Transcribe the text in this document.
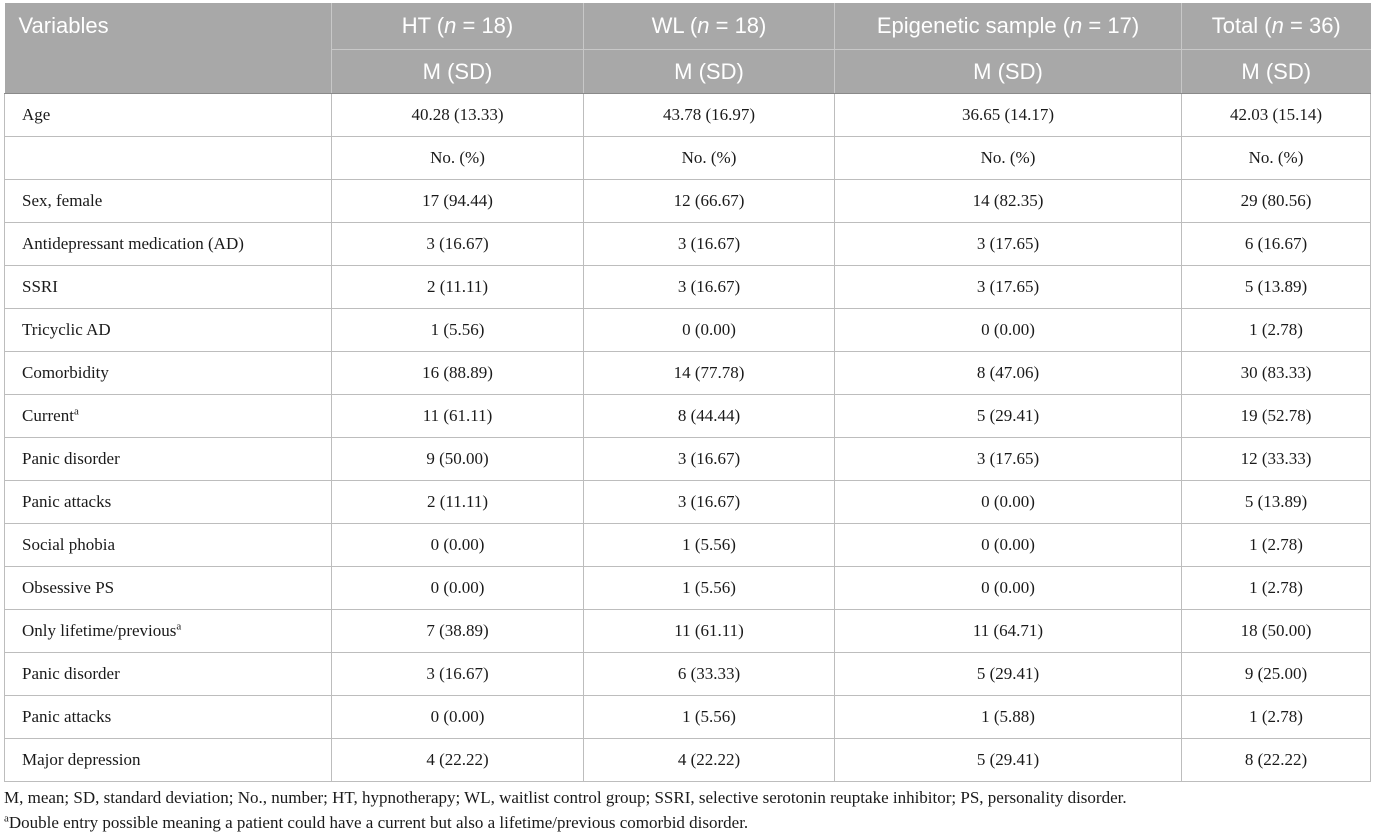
Variables	HT (n = 18)	WL (n = 18)	Epigenetic sample (n = 17)	Total (n = 36)
	M (SD)	M (SD)	M (SD)	M (SD)
Age	40.28 (13.33)	43.78 (16.97)	36.65 (14.17)	42.03 (15.14)
	No. (%)	No. (%)	No. (%)	No. (%)
Sex, female	17 (94.44)	12 (66.67)	14 (82.35)	29 (80.56)
Antidepressant medication (AD)	3 (16.67)	3 (16.67)	3 (17.65)	6 (16.67)
SSRI	2 (11.11)	3 (16.67)	3 (17.65)	5 (13.89)
Tricyclic AD	1 (5.56)	0 (0.00)	0 (0.00)	1 (2.78)
Comorbidity	16 (88.89)	14 (77.78)	8 (47.06)	30 (83.33)
Current$^a$	11 (61.11)	8 (44.44)	5 (29.41)	19 (52.78)
Panic disorder	9 (50.00)	3 (16.67)	3 (17.65)	12 (33.33)
Panic attacks	2 (11.11)	3 (16.67)	0 (0.00)	5 (13.89)
Social phobia	0 (0.00)	1 (5.56)	0 (0.00)	1 (2.78)
Obsessive PS	0 (0.00)	1 (5.56)	0 (0.00)	1 (2.78)
Only lifetime/previous$^a$	7 (38.89)	11 (61.11)	11 (64.71)	18 (50.00)
Panic disorder	3 (16.67)	6 (33.33)	5 (29.41)	9 (25.00)
Panic attacks	0 (0.00)	1 (5.56)	1 (5.88)	1 (2.78)
Major depression	4 (22.22)	4 (22.22)	5 (29.41)	8 (22.22)

M, mean; SD, standard deviation; No., number; HT, hypnotherapy; WL, waitlist control group; SSRI, selective serotonin reuptake inhibitor; PS, personality disorder.

$^a$Double entry possible meaning a patient could have a current but also a lifetime/previous comorbid disorder.
